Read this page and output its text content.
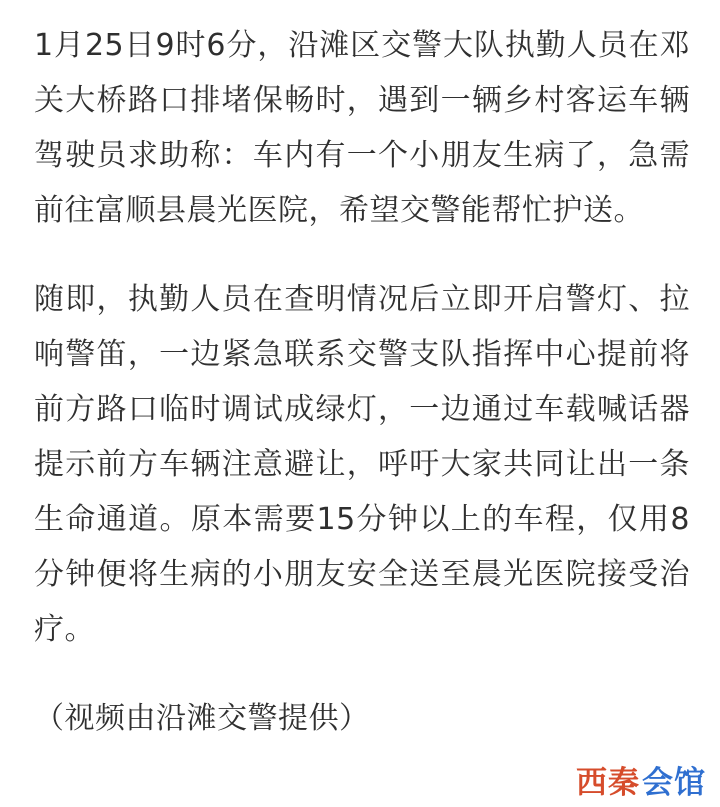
1月25日9时6分，沿滩区交警大队执勤人员在邓关大桥路口排堵保畅时，遇到一辆乡村客运车辆驾驶员求助称：车内有一个小朋友生病了，急需前往富顺县晨光医院，希望交警能帮忙护送。

随即，执勤人员在查明情况后立即开启警灯、拉响警笛，一边紧急联系交警支队指挥中心提前将前方路口临时调试成绿灯，一边通过车载喊话器提示前方车辆注意避让，呼吁大家共同让出一条生命通道。原本需要15分钟以上的车程，仅用8分钟便将生病的小朋友安全送至晨光医院接受治疗。

（视频由沿滩交警提供）

西秦 会馆
